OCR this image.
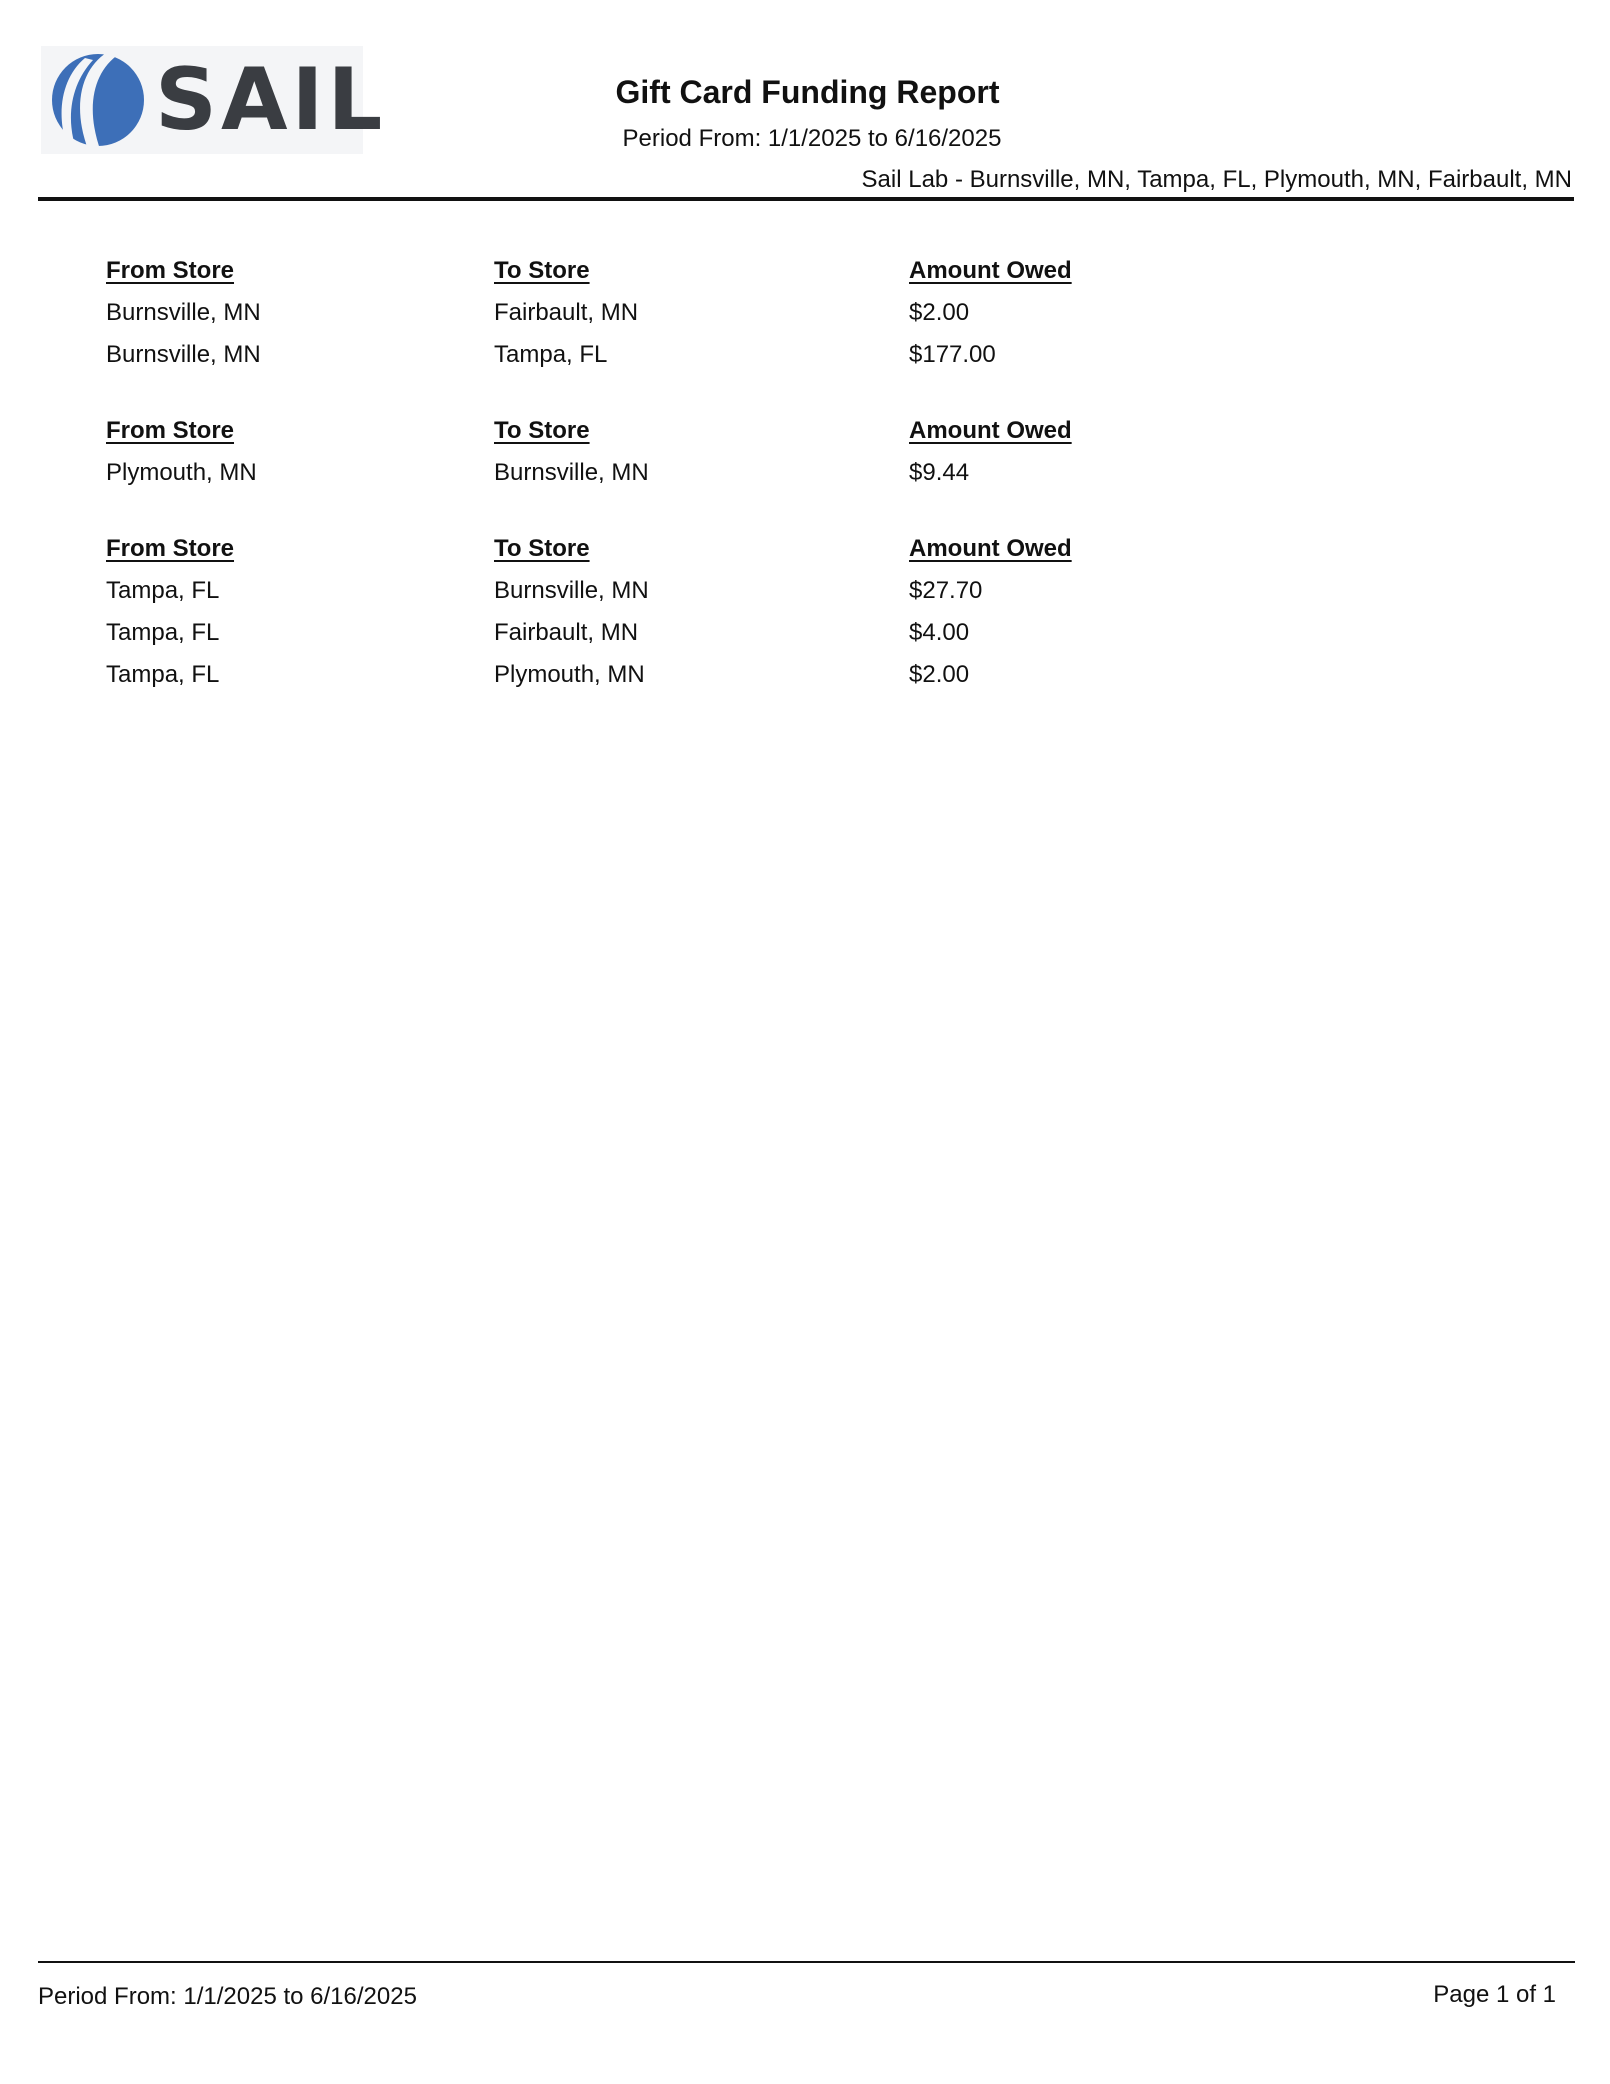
SAIL	Gift Card Funding Report
Period From: 1/1/2025 to 6/16/2025
Sail Lab - Burnsville, MN, Tampa, FL, Plymouth, MN, Fairbault, MN
From Store	To Store	Amount Owed
Burnsville, MN	Fairbault, MN	$2.00
Burnsville, MN	Tampa, FL	$177.00
From Store	To Store	Amount Owed
Plymouth, MN	Burnsville, MN	$9.44
From Store	To Store	Amount Owed
Tampa, FL	Burnsville, MN	$27.70
Tampa, FL	Fairbault, MN	$4.00
Tampa, FL	Plymouth, MN	$2.00
Period From: 1/1/2025 to 6/16/2025	Page 1 of 1
